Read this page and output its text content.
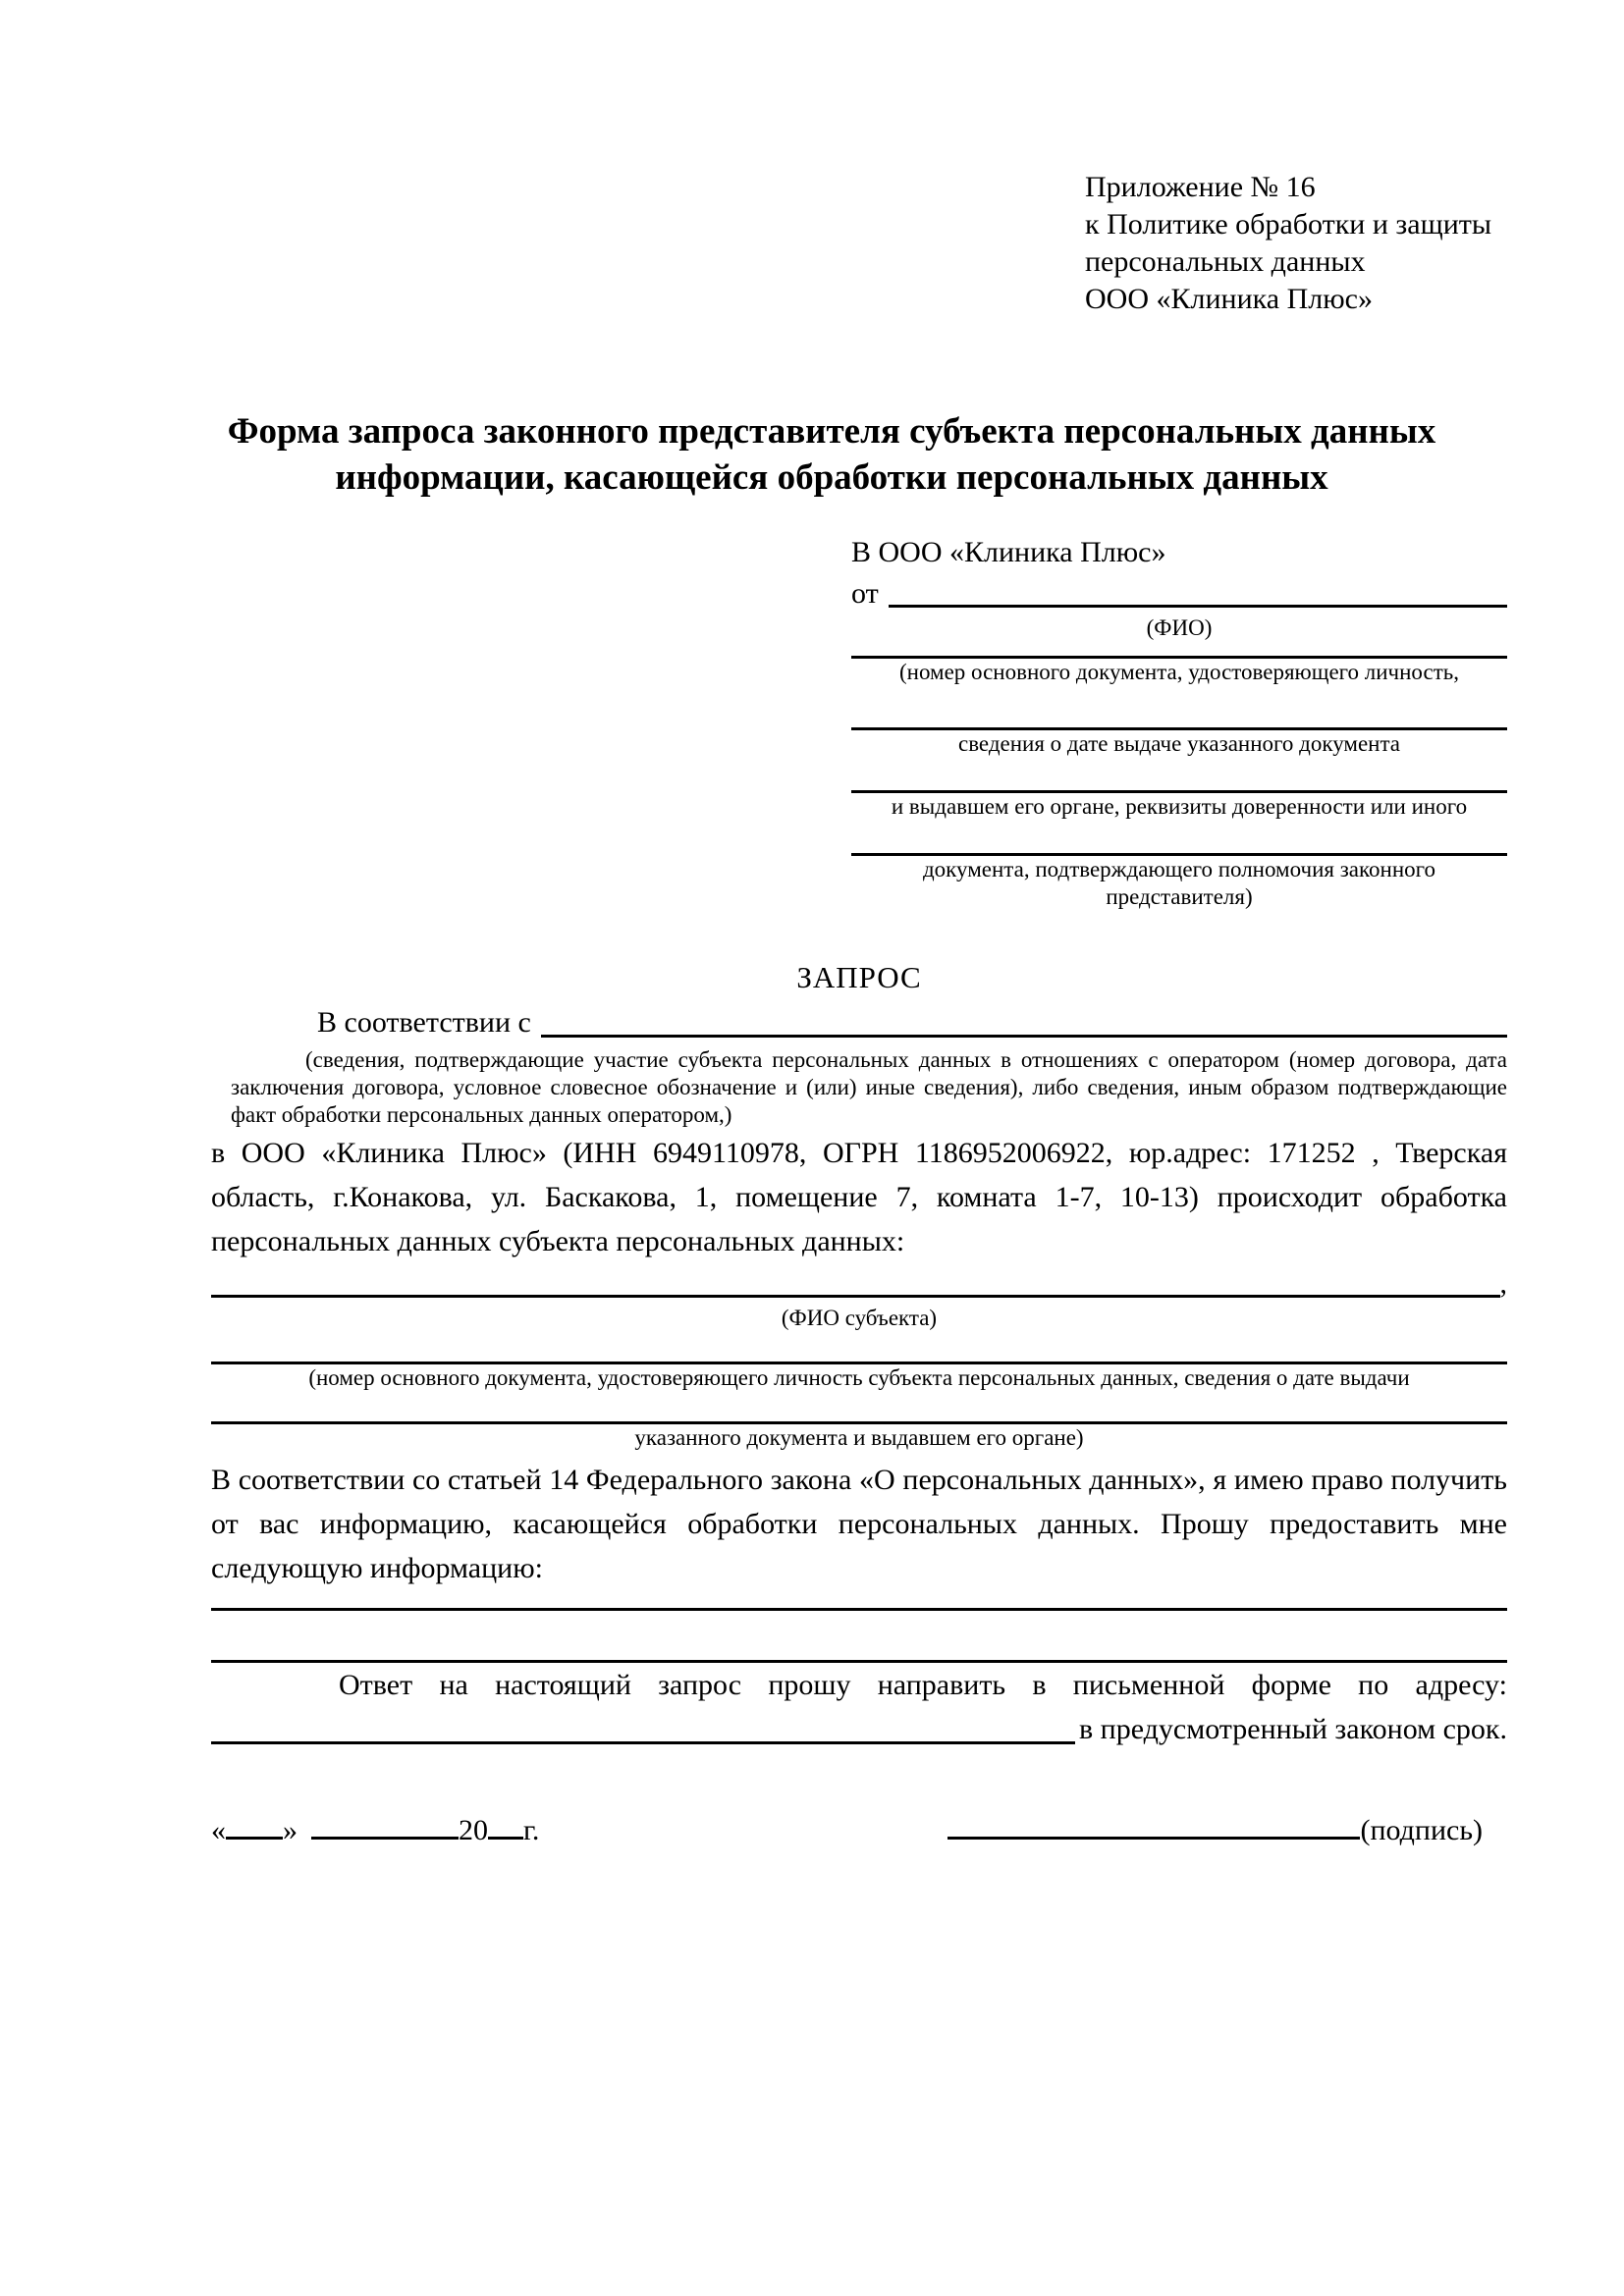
Приложение № 16
к Политике обработки и защиты
персональных данных
ООО «Клиника Плюс»
Форма запроса законного представителя субъекта персональных данных
информации, касающейся обработки персональных данных
В ООО «Клиника Плюс»
от
(ФИО)
(номер основного документа, удостоверяющего личность,
сведения о дате выдаче указанного документа
и выдавшем его органе, реквизиты доверенности или иного
документа, подтверждающего полномочия законного представителя)
ЗАПРОС
В соответствии с
(сведения, подтверждающие участие субъекта персональных данных в отношениях с оператором (номер договора, дата заключения договора, условное словесное обозначение и (или) иные сведения), либо сведения, иным образом подтверждающие факт обработки персональных данных оператором,)
в ООО «Клиника Плюс» (ИНН 6949110978, ОГРН 1186952006922, юр.адрес: 171252 , Тверская область, г.Конакова, ул. Баскакова, 1, помещение 7, комната 1-7, 10-13) происходит обработка персональных данных субъекта персональных данных:
,
(ФИО субъекта)
(номер основного документа, удостоверяющего личность субъекта персональных данных, сведения о дате выдачи
указанного документа и выдавшем его органе)
В соответствии со статьей 14 Федерального закона «О персональных данных», я имею право получить от вас информацию, касающейся обработки персональных данных. Прошу предоставить мне следующую информацию:
Ответ на настоящий запрос прошу направить в письменной форме по адресу:
в предусмотренный законом срок.
« »	20 г.	(подпись)
